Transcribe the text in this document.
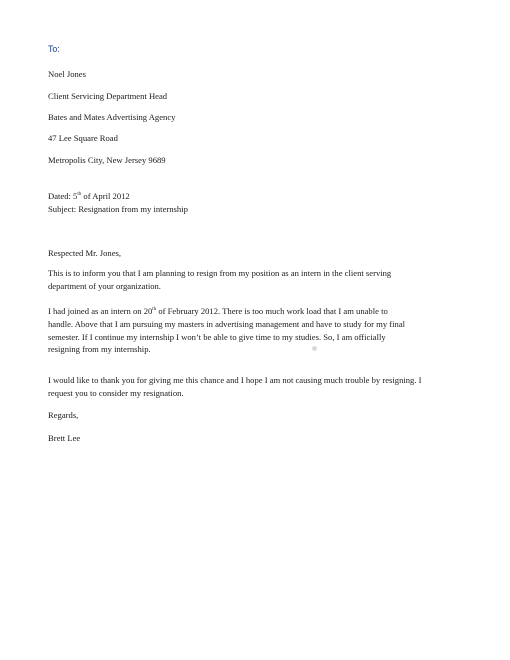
To:

Noel Jones

Client Servicing Department Head

Bates and Mates Advertising Agency

47 Lee Square Road

Metropolis City, New Jersey 9689

Dated: 5th of April 2012

Subject: Resignation from my internship

Respected Mr. Jones,

This is to inform you that I am planning to resign from my position as an intern in the client serving
department of your organization.
I had joined as an intern on 20th of February 2012. There is too much work load that I am unable to
handle. Above that I am pursuing my masters in advertising management and have to study for my final
semester. If I continue my internship I won’t be able to give time to my studies. So, I am officially
resigning from my internship.
I would like to thank you for giving me this chance and I hope I am not causing much trouble by resigning. I
request you to consider my resignation.

Regards,

Brett Lee
